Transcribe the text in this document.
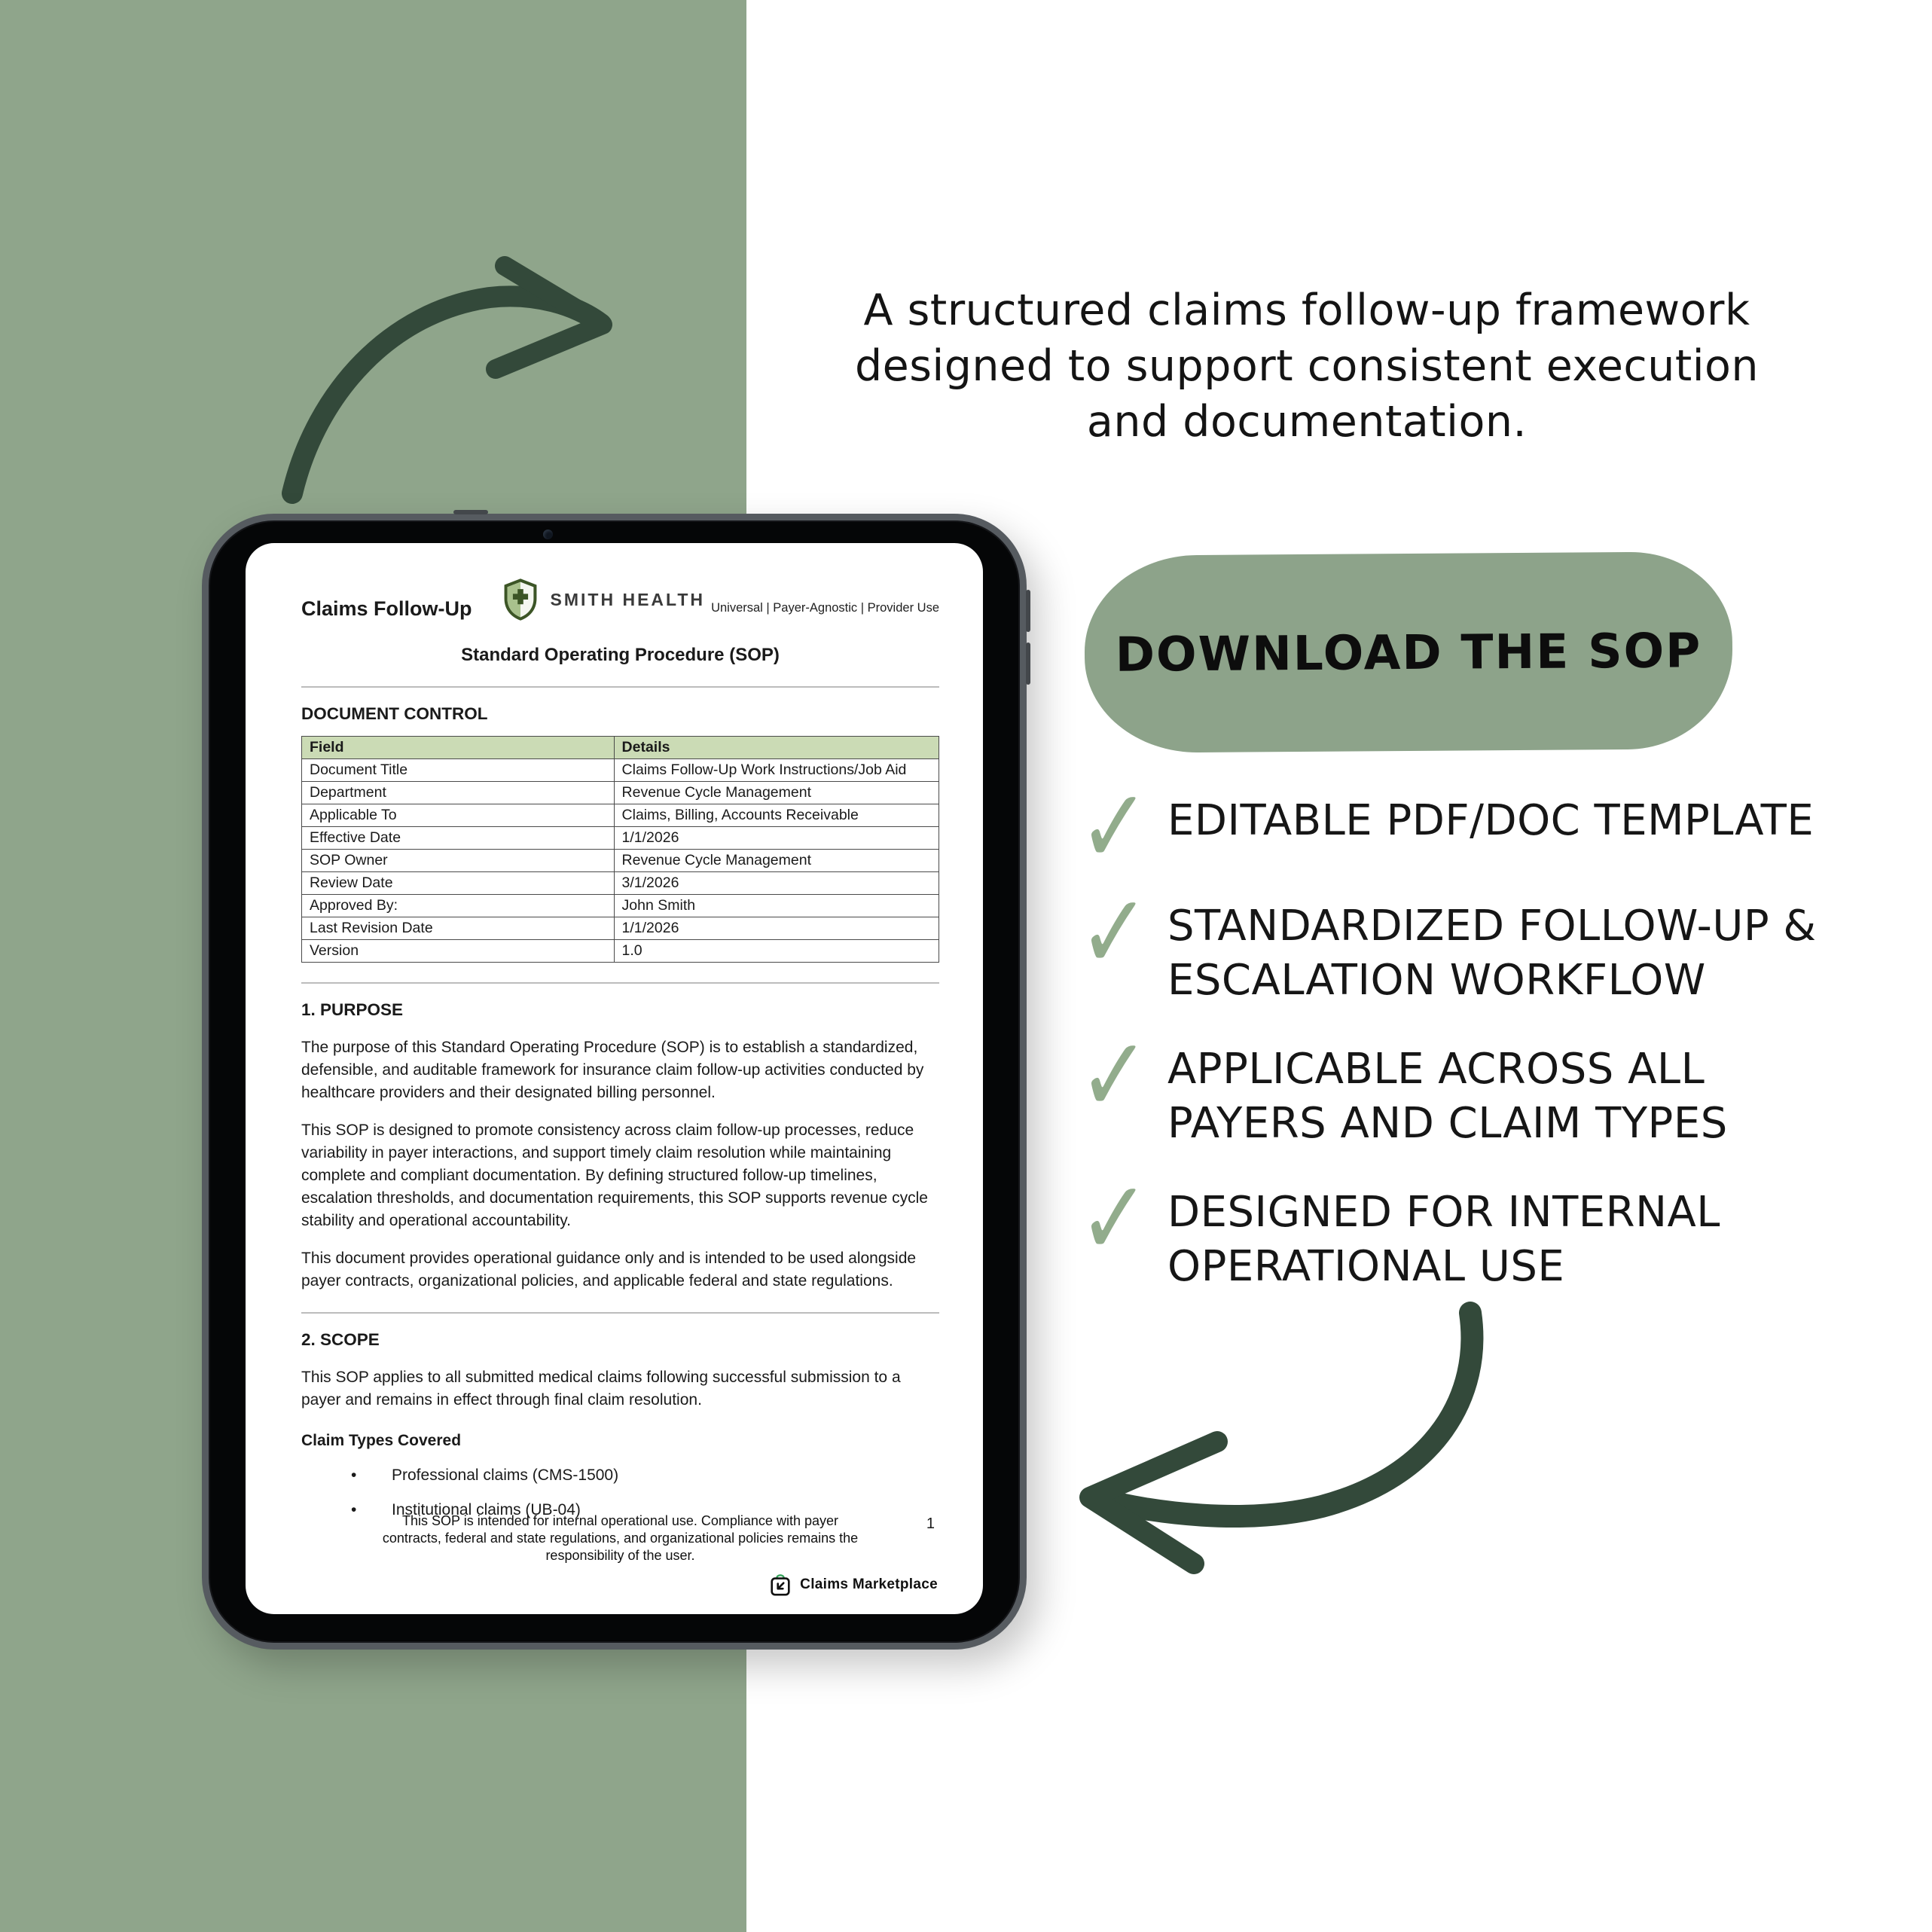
A structured claims follow-up framework
designed to support consistent execution
and documentation.
DOWNLOAD THE SOP
✓ EDITABLE PDF/DOC TEMPLATE
✓ STANDARDIZED FOLLOW-UP & ESCALATION WORKFLOW
✓ APPLICABLE ACROSS ALL PAYERS AND CLAIM TYPES
✓ DESIGNED FOR INTERNAL OPERATIONAL USE
Claims Follow-Up	SMITH HEALTH Universal | Payer-Agnostic | Provider Use
Standard Operating Procedure (SOP)
DOCUMENT CONTROL
Field	Details
Document Title	Claims Follow-Up Work Instructions/Job Aid
Department	Revenue Cycle Management
Applicable To	Claims, Billing, Accounts Receivable
Effective Date	1/1/2026
SOP Owner	Revenue Cycle Management
Review Date	3/1/2026
Approved By:	John Smith
Last Revision Date	1/1/2026
Version	1.0
1. PURPOSE

The purpose of this Standard Operating Procedure (SOP) is to establish a standardized, defensible, and auditable framework for insurance claim follow-up activities conducted by healthcare providers and their designated billing personnel.

This SOP is designed to promote consistency across claim follow-up processes, reduce variability in payer interactions, and support timely claim resolution while maintaining complete and compliant documentation. By defining structured follow-up timelines, escalation thresholds, and documentation requirements, this SOP supports revenue cycle stability and operational accountability.

This document provides operational guidance only and is intended to be used alongside payer contracts, organizational policies, and applicable federal and state regulations.

2. SCOPE

This SOP applies to all submitted medical claims following successful submission to a payer and remains in effect through final claim resolution.

Claim Types Covered
• Professional claims (CMS-1500)
• Institutional claims (UB-04)
This SOP is intended for internal operational use. Compliance with payer contracts, federal and state regulations, and organizational policies remains the responsibility of the user.
1
Claims Marketplace
